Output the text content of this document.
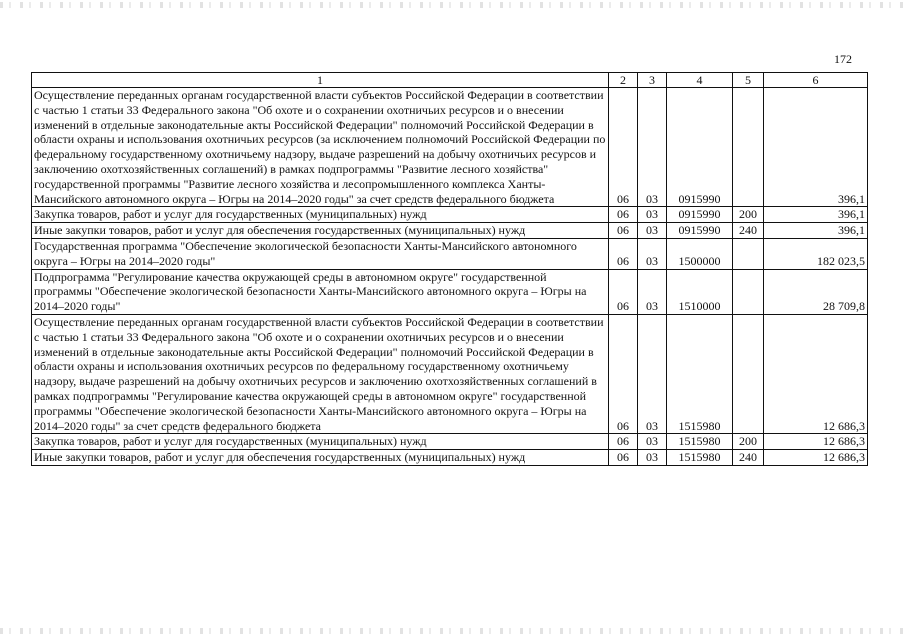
172
1	2	3	4	5	6
Осуществление переданных органам государственной власти субъектов Российской Федерации в соответствии с частью 1 статьи 33 Федерального закона "Об охоте и о сохранении охотничьих ресурсов и о внесении изменений в отдельные законодательные акты Российской Федерации" полномочий Российской Федерации в области охраны и использования охотничьих ресурсов (за исключением полномочий Российской Федерации по федеральному государственному охотничьему надзору, выдаче разрешений на добычу охотничьих ресурсов и заключению охотхозяйственных соглашений) в рамках подпрограммы "Развитие лесного хозяйства" государственной программы "Развитие лесного хозяйства и лесопромышленного комплекса Ханты-Мансийского автономного округа – Югры на 2014–2020 годы" за счет средств федерального бюджета	06	03	0915990		396,1
Закупка товаров, работ и услуг для государственных (муниципальных) нужд	06	03	0915990	200	396,1
Иные закупки товаров, работ и услуг для обеспечения государственных (муниципальных) нужд	06	03	0915990	240	396,1
Государственная программа "Обеспечение экологической безопасности Ханты-Мансийского автономного округа – Югры на 2014–2020 годы"	06	03	1500000		182 023,5
Подпрограмма "Регулирование качества окружающей среды в автономном округе" государственной программы "Обеспечение экологической безопасности Ханты-Мансийского автономного округа – Югры на 2014–2020 годы"	06	03	1510000		28 709,8
Осуществление переданных органам государственной власти субъектов Российской Федерации в соответствии с частью 1 статьи 33 Федерального закона "Об охоте и о сохранении охотничьих ресурсов и о внесении изменений в отдельные законодательные акты Российской Федерации" полномочий Российской Федерации в области охраны и использования охотничьих ресурсов по федеральному государственному охотничьему надзору, выдаче разрешений на добычу охотничьих ресурсов и заключению охотхозяйственных соглашений в рамках подпрограммы "Регулирование качества окружающей среды в автономном округе" государственной программы "Обеспечение экологической безопасности Ханты-Мансийского автономного округа – Югры на 2014–2020 годы" за счет средств федерального бюджета	06	03	1515980		12 686,3
Закупка товаров, работ и услуг для государственных (муниципальных) нужд	06	03	1515980	200	12 686,3
Иные закупки товаров, работ и услуг для обеспечения государственных (муниципальных) нужд	06	03	1515980	240	12 686,3
